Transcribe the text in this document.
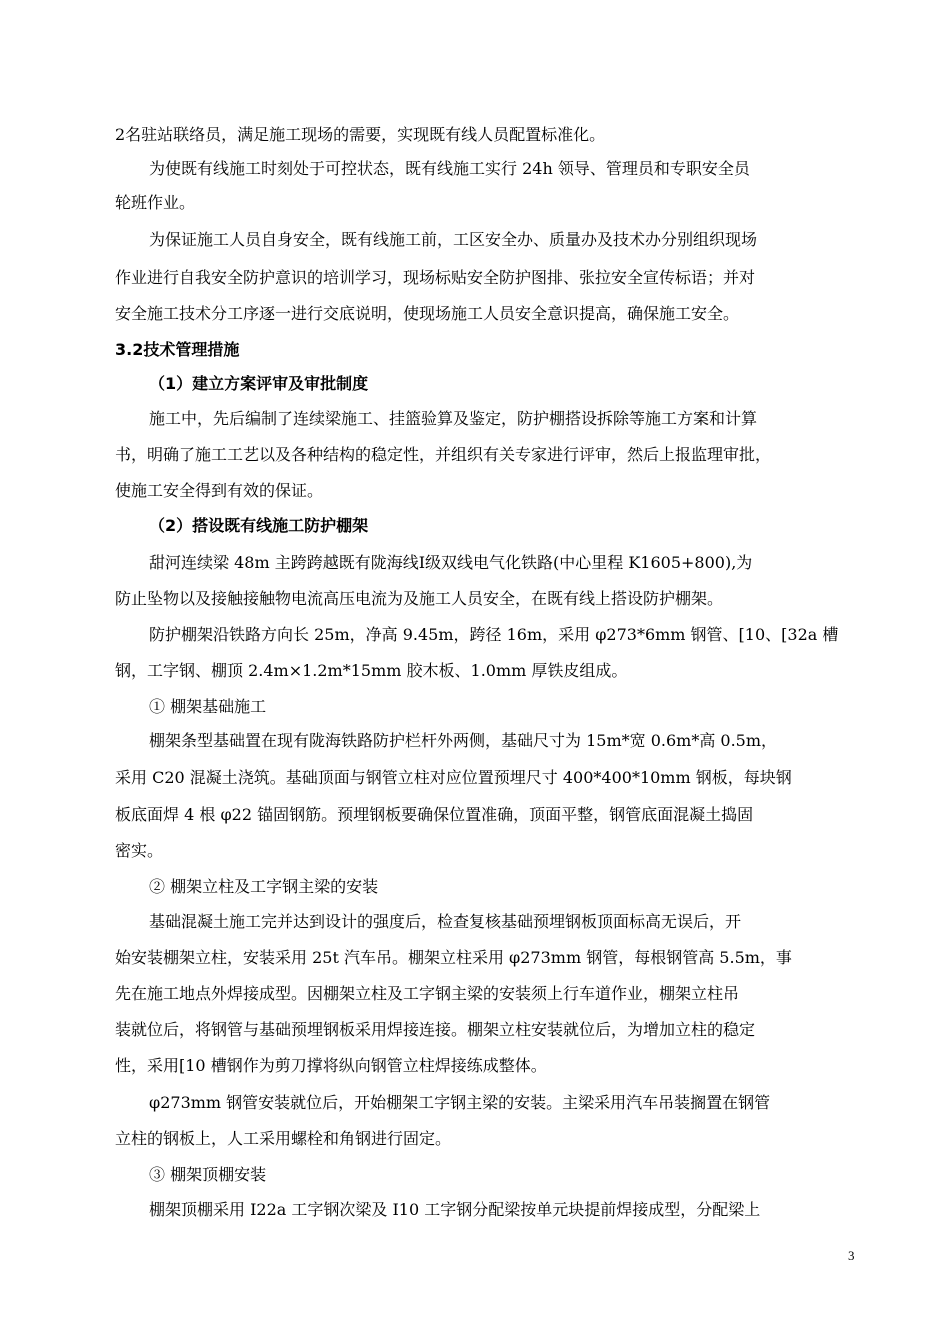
2名驻站联络员，满足施工现场的需要，实现既有线人员配置标准化。

为使既有线施工时刻处于可控状态，既有线施工实行 24h 领导、管理员和专职安全员

轮班作业。

为保证施工人员自身安全，既有线施工前，工区安全办、质量办及技术办分别组织现场

作业进行自我安全防护意识的培训学习，现场标贴安全防护图排、张拉安全宣传标语；并对

安全施工技术分工序逐一进行交底说明，使现场施工人员安全意识提高，确保施工安全。

3.2技术管理措施

（1）建立方案评审及审批制度

施工中，先后编制了连续梁施工、挂篮验算及鉴定，防护棚搭设拆除等施工方案和计算

书，明确了施工工艺以及各种结构的稳定性，并组织有关专家进行评审，然后上报监理审批，

使施工安全得到有效的保证。

（2）搭设既有线施工防护棚架

甜河连续梁 48m 主跨跨越既有陇海线Ⅰ级双线电气化铁路(中心里程 K1605+800),为

防止坠物以及接触接触物电流高压电流为及施工人员安全，在既有线上搭设防护棚架。

防护棚架沿铁路方向长 25m，净高 9.45m，跨径 16m，采用 φ273*6mm 钢管、[10、[32a 槽

钢，工字钢、棚顶 2.4m×1.2m*15mm 胶木板、1.0mm 厚铁皮组成。

① 棚架基础施工

棚架条型基础置在现有陇海铁路防护栏杆外两侧，基础尺寸为 15m*宽 0.6m*高 0.5m，

采用 C20 混凝土浇筑。基础顶面与钢管立柱对应位置预埋尺寸 400*400*10mm 钢板，每块钢

板底面焊 4 根 φ22 锚固钢筋。预埋钢板要确保位置准确，顶面平整，钢管底面混凝土捣固

密实。

② 棚架立柱及工字钢主梁的安装

基础混凝土施工完并达到设计的强度后，检查复核基础预埋钢板顶面标高无误后，开

始安装棚架立柱，安装采用 25t 汽车吊。棚架立柱采用 φ273mm 钢管，每根钢管高 5.5m，事

先在施工地点外焊接成型。因棚架立柱及工字钢主梁的安装须上行车道作业，棚架立柱吊

装就位后，将钢管与基础预埋钢板采用焊接连接。棚架立柱安装就位后，为增加立柱的稳定

性，采用[10 槽钢作为剪刀撑将纵向钢管立柱焊接练成整体。

φ273mm 钢管安装就位后，开始棚架工字钢主梁的安装。主梁采用汽车吊装搁置在钢管

立柱的钢板上，人工采用螺栓和角钢进行固定。

③ 棚架顶棚安装

棚架顶棚采用 I22a 工字钢次梁及 I10 工字钢分配梁按单元块提前焊接成型，分配梁上

3
